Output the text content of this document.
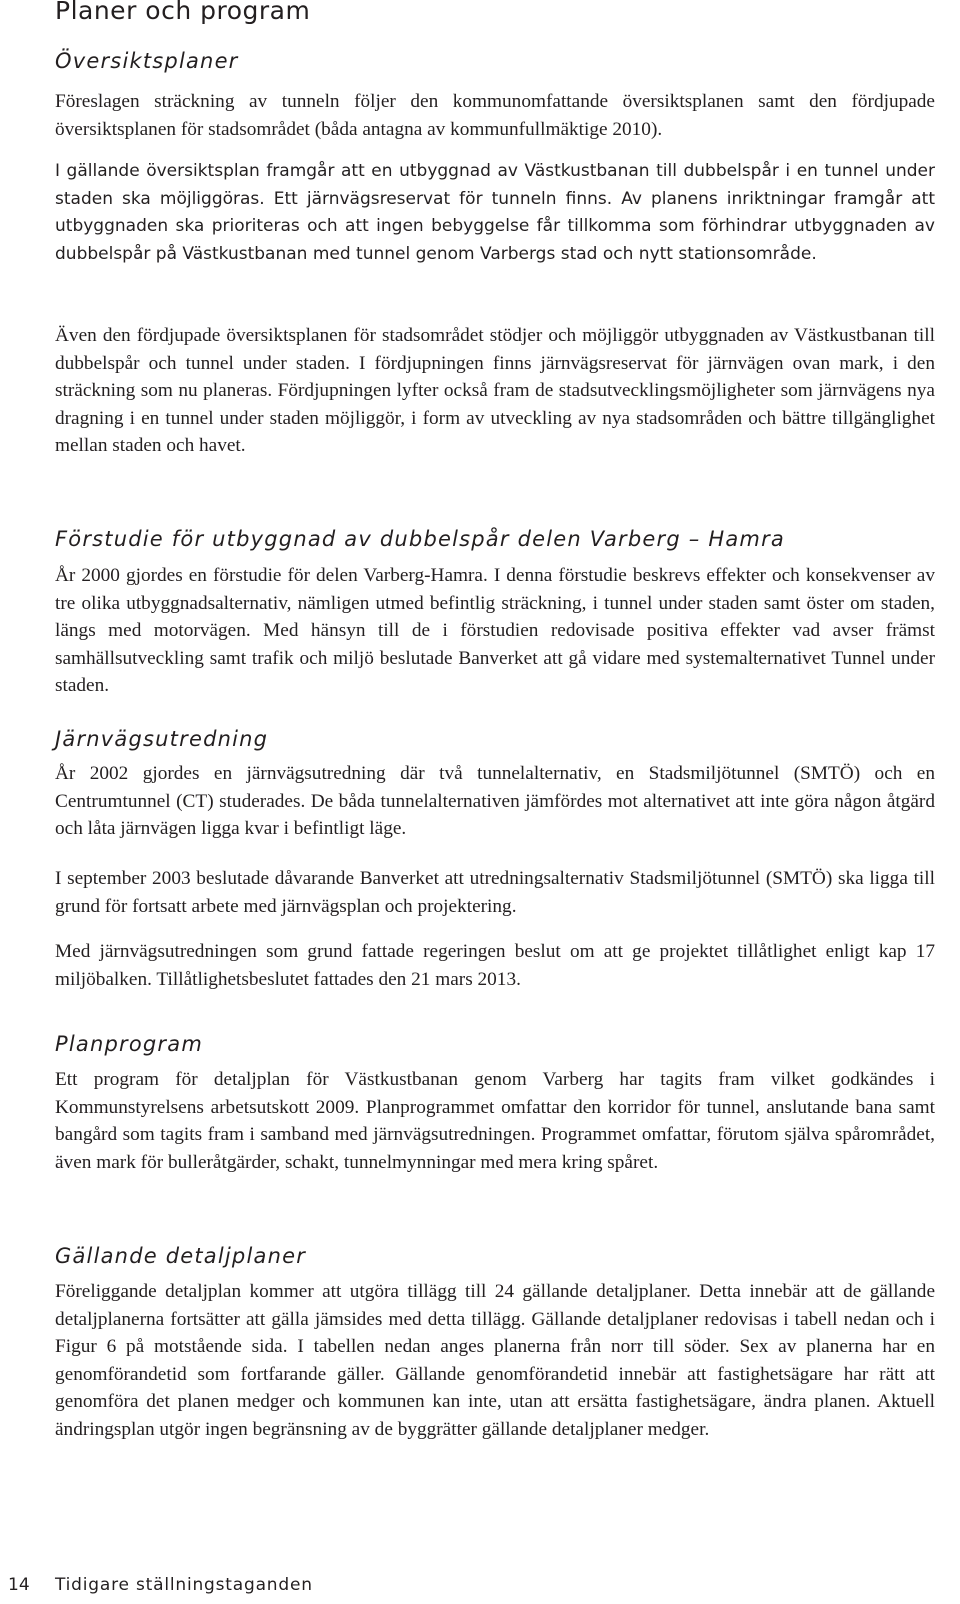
Planer och program
Översiktsplaner

Föreslagen sträckning av tunneln följer den kommunomfattande översiktsplanen samt den fördjupade översiktsplanen för stadsområdet (båda antagna av kommunfullmäktige 2010).

I gällande översiktsplan framgår att en utbyggnad av Västkustbanan till dubbelspår i en tunnel under staden ska möjliggöras. Ett järnvägsreservat för tunneln finns. Av planens inriktningar framgår att utbyggnaden ska prioriteras och att ingen bebyggelse får tillkomma som förhindrar utbyggnaden av dubbelspår på Västkustbanan med tunnel genom Varbergs stad och nytt stationsområde.

Även den fördjupade översiktsplanen för stadsområdet stödjer och möjliggör utbyggnaden av Västkustbanan till dubbelspår och tunnel under staden. I fördjupningen finns järnvägsreservat för järnvägen ovan mark, i den sträckning som nu planeras. Fördjupningen lyfter också fram de stadsutvecklingsmöjligheter som järnvägens nya dragning i en tunnel under staden möjliggör, i form av utveckling av nya stadsområden och bättre tillgänglighet mellan staden och havet.

Förstudie för utbyggnad av dubbelspår delen Varberg – Hamra

År 2000 gjordes en förstudie för delen Varberg-Hamra. I denna förstudie beskrevs effekter och konsekvenser av tre olika utbyggnadsalternativ, nämligen utmed befintlig sträckning, i tunnel under staden samt öster om staden, längs med motorvägen. Med hänsyn till de i förstudien redovisade positiva effekter vad avser främst samhällsutveckling samt trafik och miljö beslutade Banverket att gå vidare med systemalternativet Tunnel under staden.

Järnvägsutredning

År 2002 gjordes en järnvägsutredning där två tunnelalternativ, en Stadsmiljötunnel (SMTÖ) och en Centrumtunnel (CT) studerades. De båda tunnelalternativen jämfördes mot alternativet att inte göra någon åtgärd och låta järnvägen ligga kvar i befintligt läge.

I september 2003 beslutade dåvarande Banverket att utredningsalternativ Stadsmiljötunnel (SMTÖ) ska ligga till grund för fortsatt arbete med järnvägsplan och projektering.

Med järnvägsutredningen som grund fattade regeringen beslut om att ge projektet tillåtlighet enligt kap 17 miljöbalken. Tillåtlighetsbeslutet fattades den 21 mars 2013.

Planprogram

Ett program för detaljplan för Västkustbanan genom Varberg har tagits fram vilket godkändes i Kommunstyrelsens arbetsutskott 2009. Planprogrammet omfattar den korridor för tunnel, anslutande bana samt bangård som tagits fram i samband med järnvägsutredningen. Programmet omfattar, förutom själva spårområdet, även mark för bulleråtgärder, schakt, tunnelmynningar med mera kring spåret.

Gällande detaljplaner

Föreliggande detaljplan kommer att utgöra tillägg till 24 gällande detaljplaner. Detta innebär att de gällande detaljplanerna fortsätter att gälla jämsides med detta tillägg. Gällande detaljplaner redovisas i tabell nedan och i Figur 6 på motstående sida. I tabellen nedan anges planerna från norr till söder. Sex av planerna har en genomförandetid som fortfarande gäller. Gällande genomförandetid innebär att fastighetsägare har rätt att genomföra det planen medger och kommunen kan inte, utan att ersätta fastighetsägare, ändra planen. Aktuell ändringsplan utgör ingen begränsning av de byggrätter gällande detaljplaner medger.

14 Tidigare ställningstaganden
